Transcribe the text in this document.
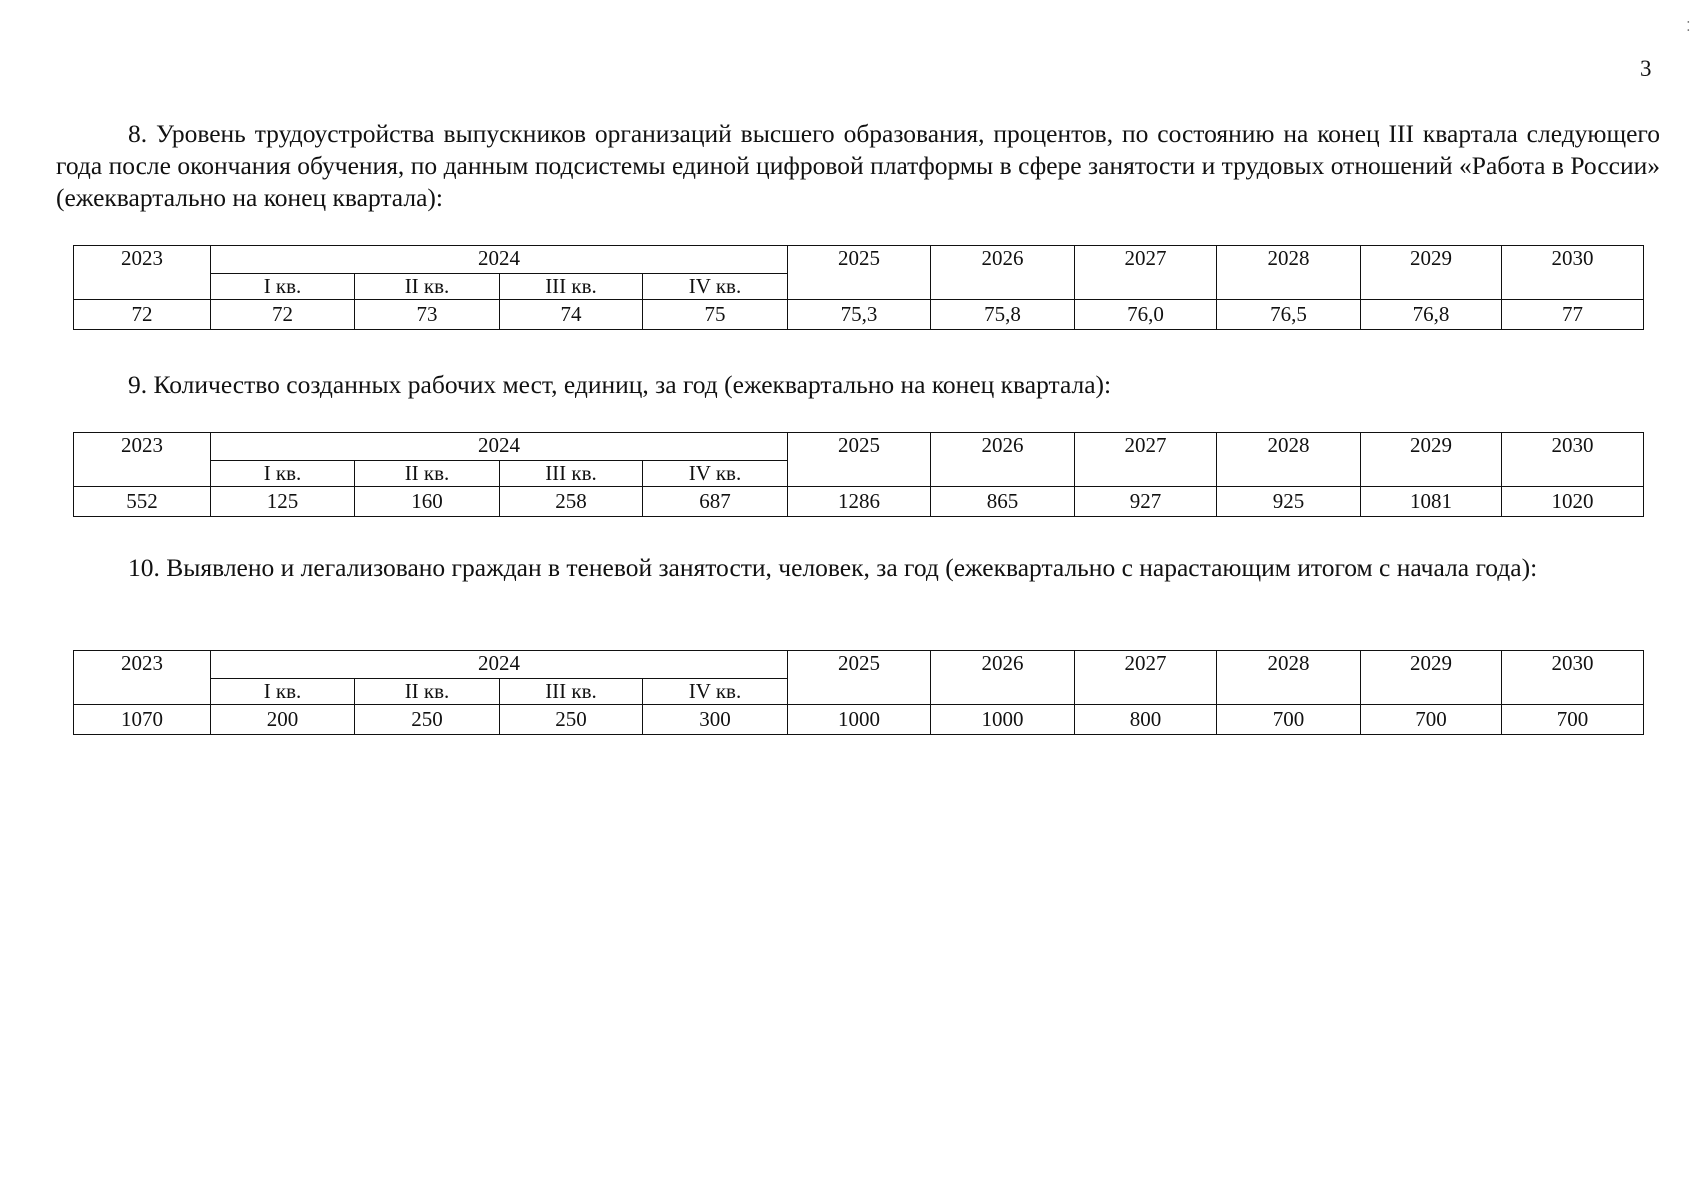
3
· ·

8. Уровень трудоустройства выпускников организаций высшего образования, процентов, по состоянию на конец III квартала следующего года после окончания обучения, по данным подсистемы единой цифровой платформы в сфере занятости и трудовых отношений «Работа в России» (ежеквартально на конец квартала):

2023	2024				2025	2026	2027	2028	2029	2030
	I кв.	II кв.	III кв.	IV кв.						
72	72	73	74	75	75,3	75,8	76,0	76,5	76,8	77

9. Количество созданных рабочих мест, единиц, за год (ежеквартально на конец квартала):

2023	2024				2025	2026	2027	2028	2029	2030
	I кв.	II кв.	III кв.	IV кв.						
552	125	160	258	687	1286	865	927	925	1081	1020

10. Выявлено и легализовано граждан в теневой занятости, человек, за год (ежеквартально с нарастающим итогом с начала года):

2023	2024				2025	2026	2027	2028	2029	2030
	I кв.	II кв.	III кв.	IV кв.						
1070	200	250	250	300	1000	1000	800	700	700	700
